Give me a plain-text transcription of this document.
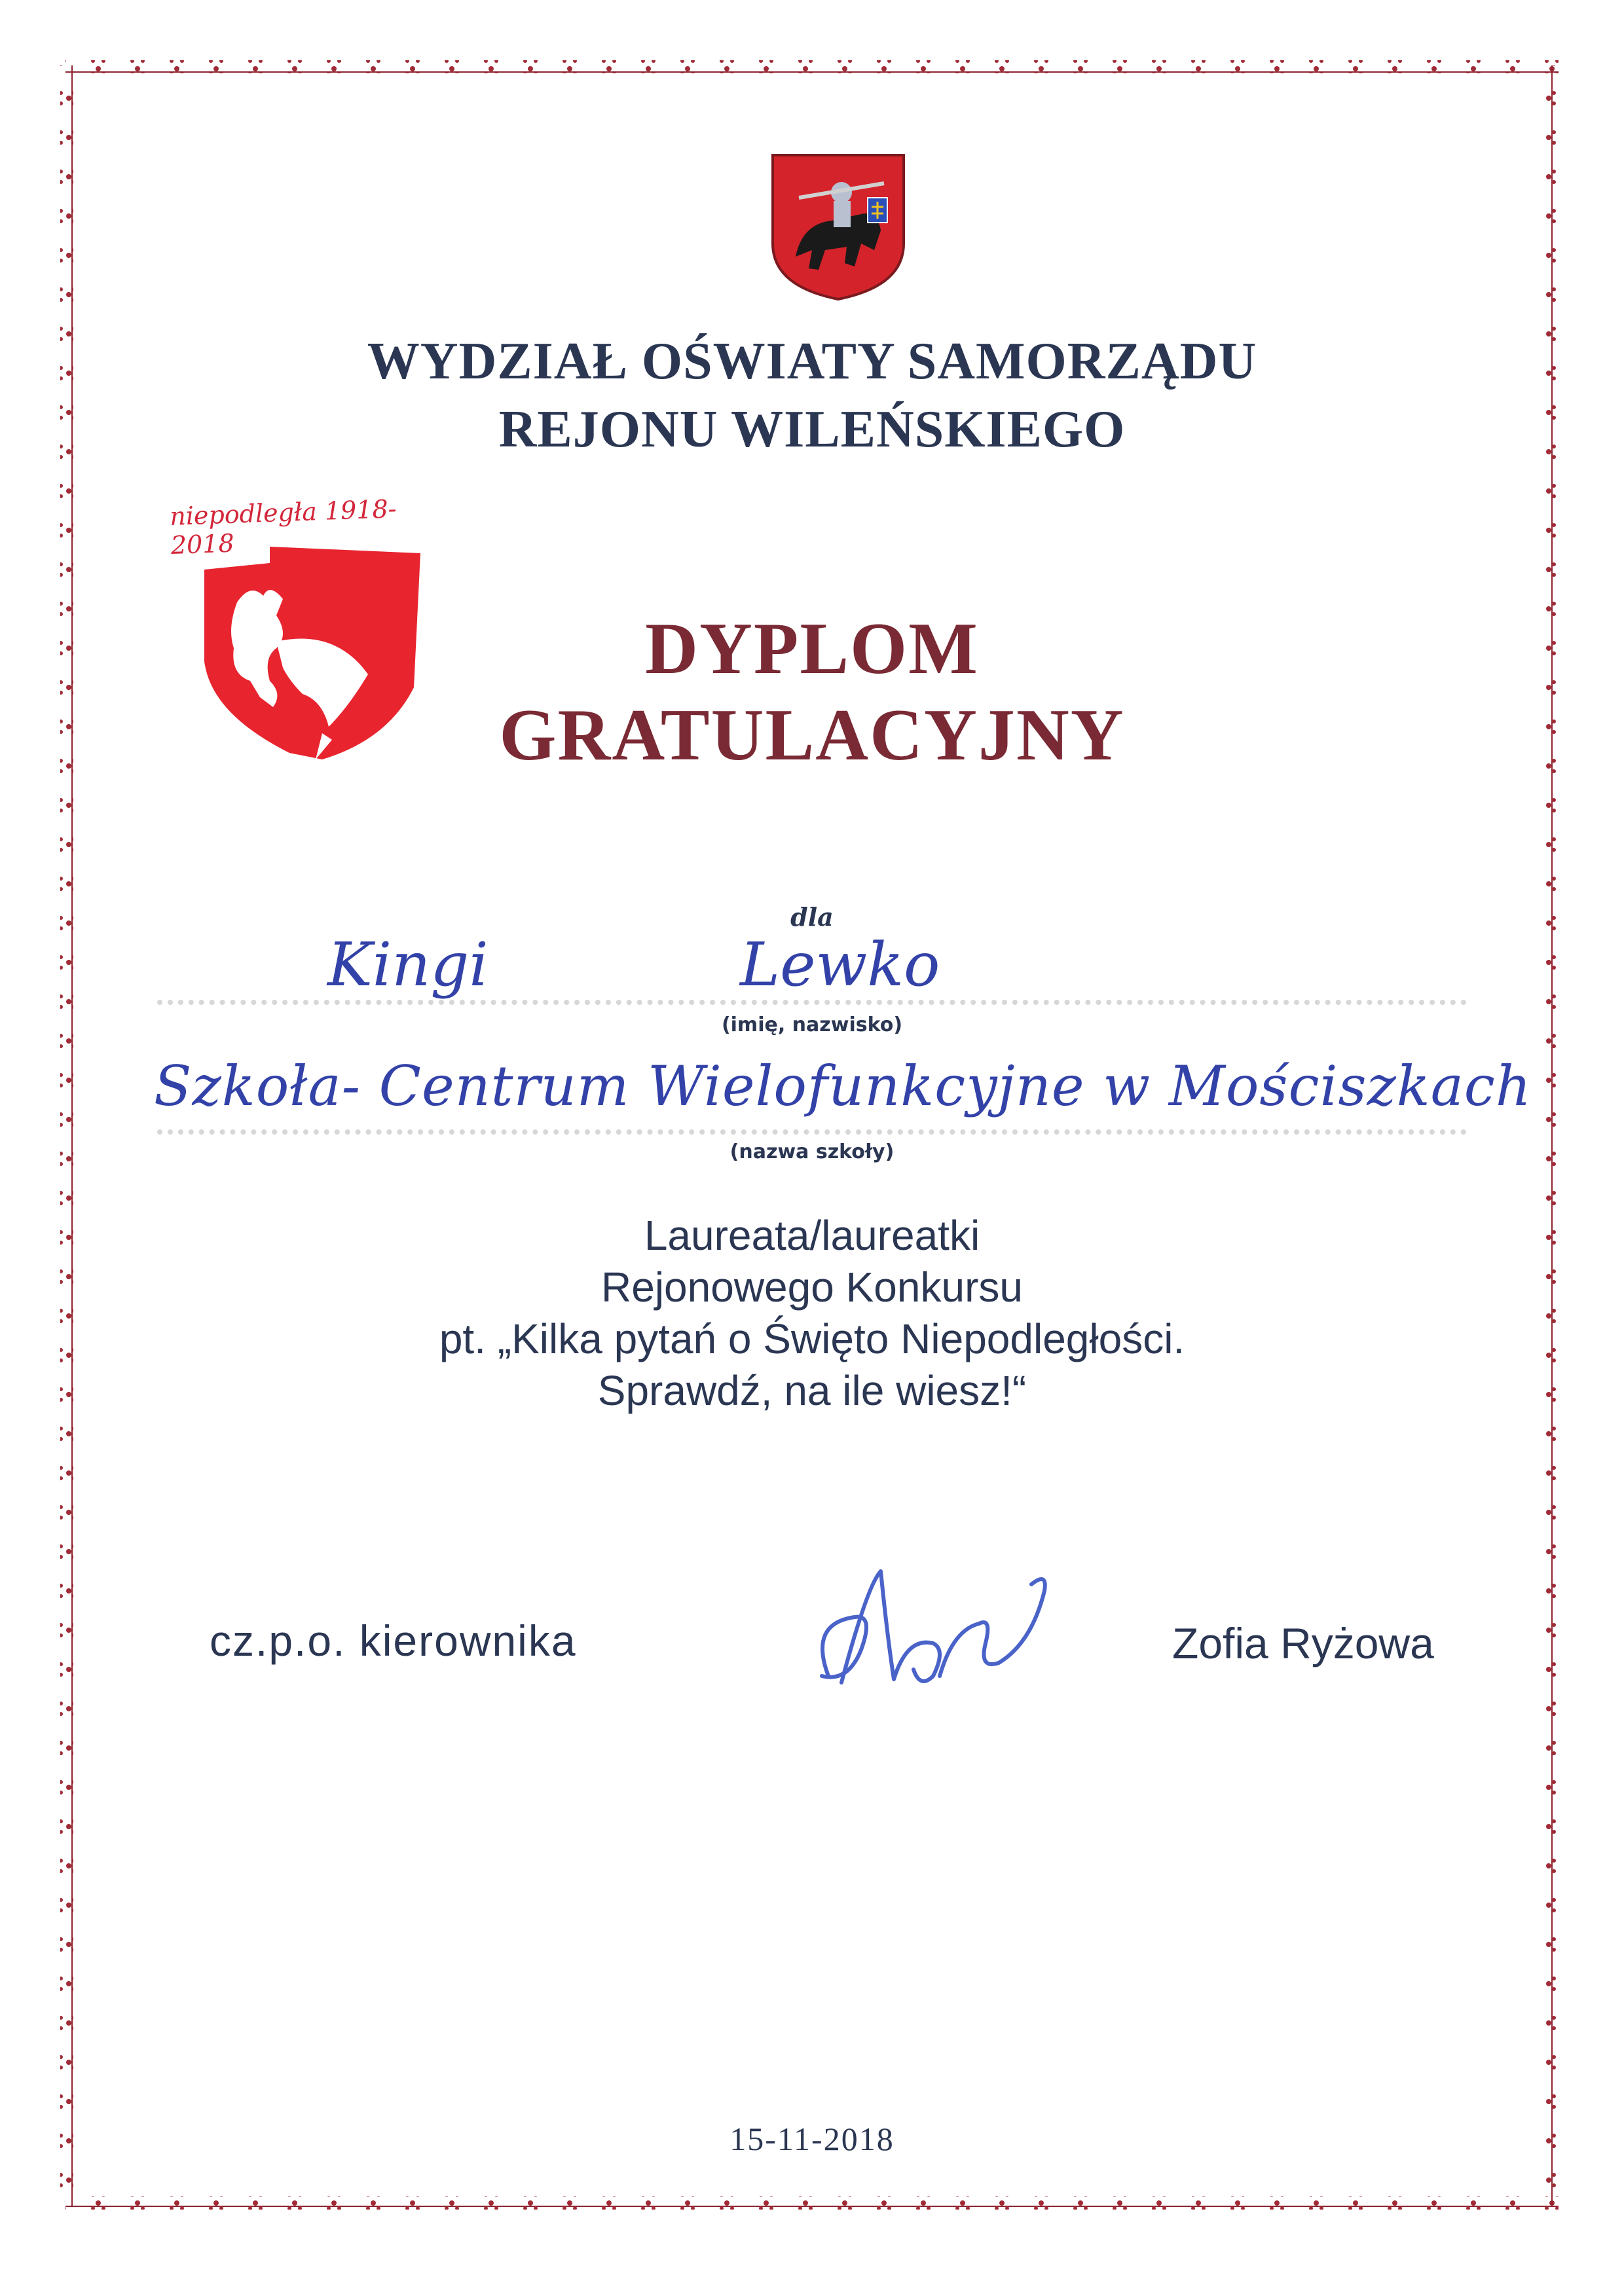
WYDZIAŁ OŚWIATY SAMORZĄDU
REJONU WILEŃSKIEGO
niepodległa 1918-2018
DYPLOM
GRATULACYJNY
dla
Kingi	Lewko
(imię, nazwisko)
Szkoła- Centrum Wielofunkcyjne w Mościszkach
(nazwa szkoły)
Laureata/laureatki
Rejonowego Konkursu
pt. „Kilka pytań o Święto Niepodległości.
Sprawdź, na ile wiesz!“
cz.p.o. kierownika	Zofia Ryżowa
15-11-2018
